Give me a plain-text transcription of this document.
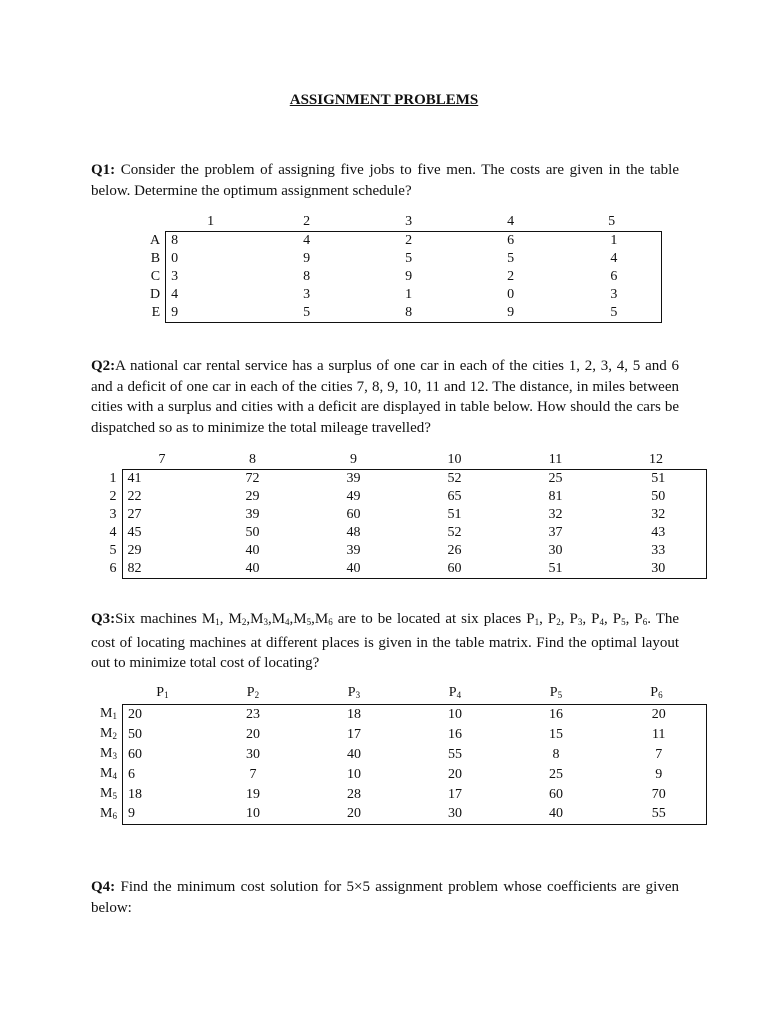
ASSIGNMENT PROBLEMS
Q1: Consider the problem of assigning five jobs to five men. The costs are given in the table below. Determine the optimum assignment schedule?
	1	2	3	4	5
A	8	4	2	6	1
B	0	9	5	5	4
C	3	8	9	2	6
D	4	3	1	0	3
E	9	5	8	9	5
Q2:A national car rental service has a surplus of one car in each of the cities 1, 2, 3, 4, 5 and 6 and a deficit of one car in each of the cities 7, 8, 9, 10, 11 and 12. The distance, in miles between cities with a surplus and cities with a deficit are displayed in table below. How should the cars be dispatched so as to minimize the total mileage travelled?
	7	8	9	10	11	12
1	41	72	39	52	25	51
2	22	29	49	65	81	50
3	27	39	60	51	32	32
4	45	50	48	52	37	43
5	29	40	39	26	30	33
6	82	40	40	60	51	30
Q3:Six machines $M_1$, $M_2,M_3,M_4,M_5,M_6$ are to be located at six places $P_1$, $P_2$, $P_3$, $P_4$, $P_5$, $P_6$. The cost of locating machines at different places is given in the table matrix. Find the optimal layout out to minimize total cost of locating?
	$P_1$	$P_2$	$P_3$	$P_4$	$P_5$	$P_6$
$M_1$	20	23	18	10	16	20
$M_2$	50	20	17	16	15	11
$M_3$	60	30	40	55	8	7
$M_4$	6	7	10	20	25	9
$M_5$	18	19	28	17	60	70
$M_6$	9	10	20	30	40	55
Q4: Find the minimum cost solution for 5×5 assignment problem whose coefficients are given below:
